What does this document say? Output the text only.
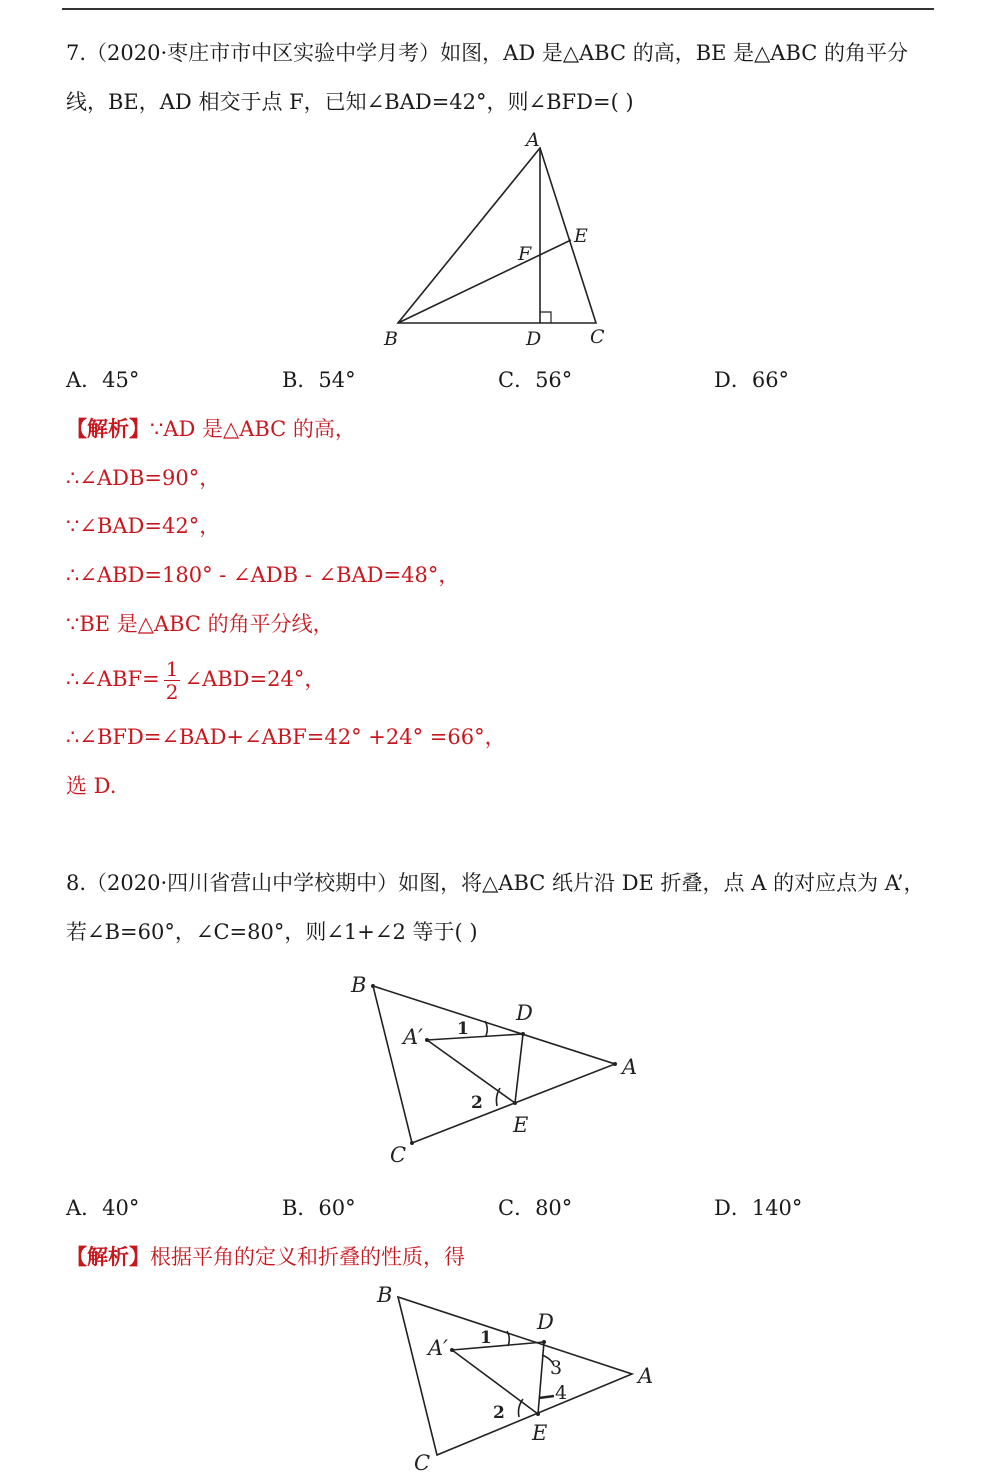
7.（2020·枣庄市市中区实验中学月考）如图，AD 是△ABC 的高，BE 是△ABC 的角平分
线，BE，AD 相交于点 F，已知∠BAD=42°，则∠BFD=( )
A
B	C
D
E
F
A．45°	B．54°	C．56°	D．66°
【解析】∵AD 是△ABC 的高，
∴∠ADB=90°，
∵∠BAD=42°，
∴∠ABD=180° - ∠ADB - ∠BAD=48°，
∵BE 是△ABC 的角平分线，
∴∠ABF= $\frac{1}{2}$ ∠ABD=24°，
∴∠BFD=∠BAD+∠ABF=42° +24° =66°，
选 D.
8.（2020·四川省营山中学校期中）如图，将△ABC 纸片沿 DE 折叠，点 A 的对应点为 A’，
若∠B=60°，∠C=80°，则∠1+∠2 等于( )
B
C
A
D
E
A′ 1
2
A．40°	B．60°	C．80°	D．140°
【解析】根据平角的定义和折叠的性质，得
B
C
A
D
E
A′ 1
2
3
4
